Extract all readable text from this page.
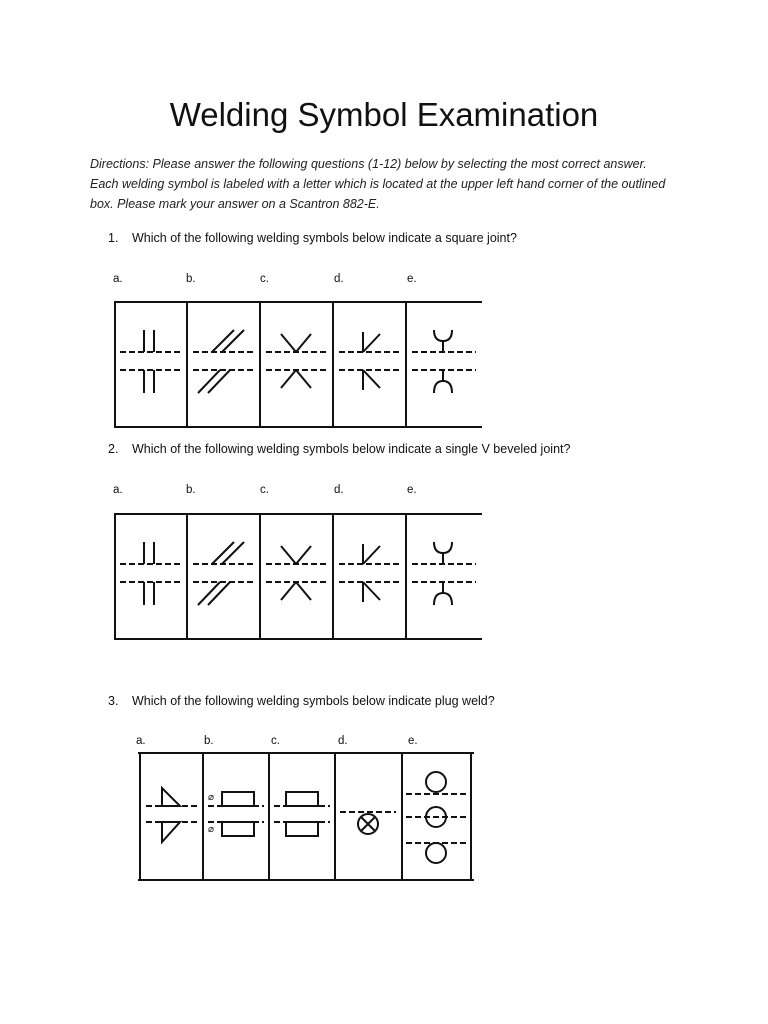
Welding Symbol Examination
Directions: Please answer the following questions (1-12) below by selecting the most correct answer.
Each welding symbol is labeled with a letter which is located at the upper left hand corner of the outlined
box. Please mark your answer on a Scantron 882-E.
1. Which of the following welding symbols below indicate a square joint?
a.	b.	c.	d.	e.
2. Which of the following welding symbols below indicate a single V beveled joint?
a.	b.	c.	d.	e.
3. Which of the following welding symbols below indicate plug weld?
a.	b.	c.	d.	e.
⌀
⌀
